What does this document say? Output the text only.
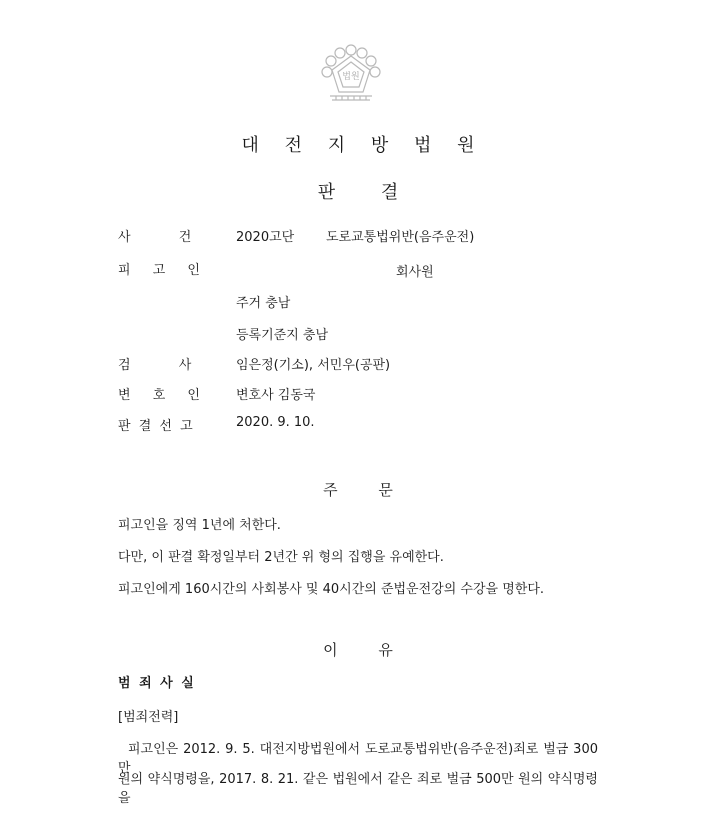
법원
대 전 지 방 법 원
판 결
사 건	2020고단 도로교통법위반(음주운전)
피 고 인	회사원
주거 충남
등록기준지 충남
검 사	임은정(기소), 서민우(공판)
변 호 인	변호사 김동국
판 결 선 고	2020. 9. 10.
주 문
피고인을 징역 1년에 처한다.
다만, 이 판결 확정일부터 2년간 위 형의 집행을 유예한다.
피고인에게 160시간의 사회봉사 및 40시간의 준법운전강의 수강을 명한다.
이 유
범 죄 사 실
[범죄전력]
피고인은 2012. 9. 5. 대전지방법원에서 도로교통법위반(음주운전)죄로 벌금 300만
원의 약식명령을, 2017. 8. 21. 같은 법원에서 같은 죄로 벌금 500만 원의 약식명령을
